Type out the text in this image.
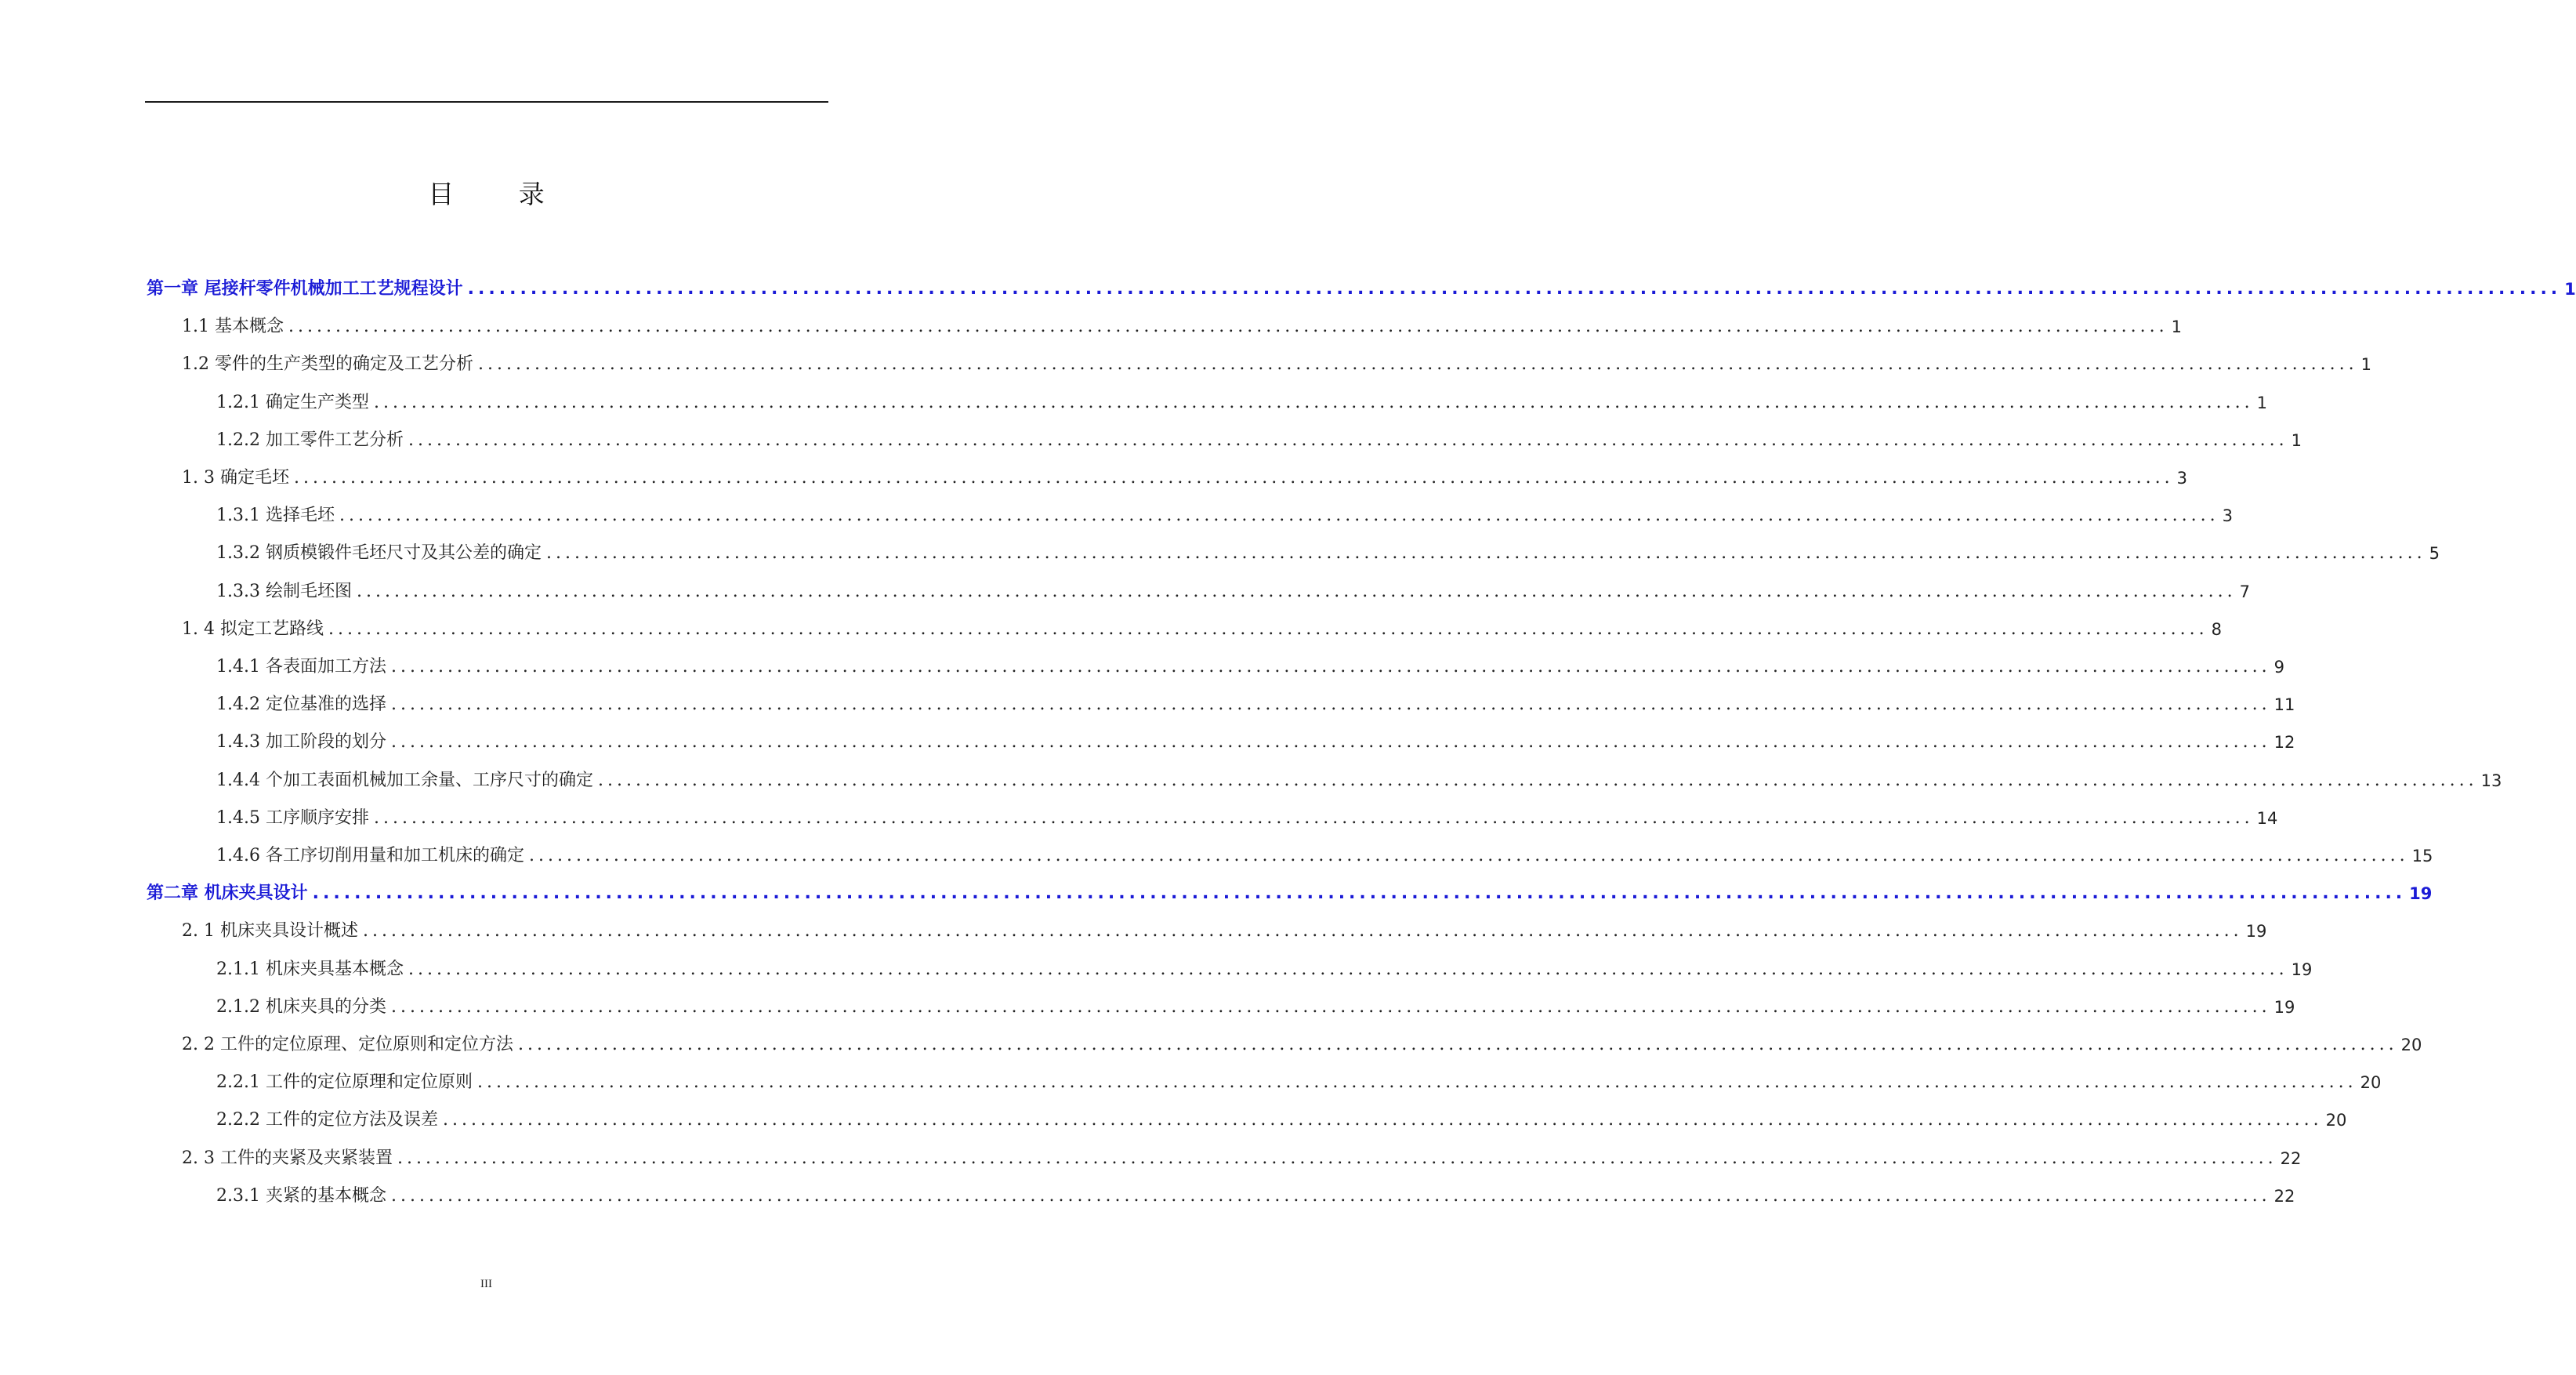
目 录
第一章 尾接杆零件机械加工工艺规程设计 ........................................................................................................................................................................................................ 1
1.1 基本概念 ........................................................................................................................................................................................................ 1
1.2 零件的生产类型的确定及工艺分析 ........................................................................................................................................................................................................ 1
1.2.1 确定生产类型 ........................................................................................................................................................................................................ 1
1.2.2 加工零件工艺分析 ........................................................................................................................................................................................................ 1
1. 3 确定毛坯 ........................................................................................................................................................................................................ 3
1.3.1 选择毛坯 ........................................................................................................................................................................................................ 3
1.3.2 钢质模锻件毛坯尺寸及其公差的确定 ........................................................................................................................................................................................................ 5
1.3.3 绘制毛坯图 ........................................................................................................................................................................................................ 7
1. 4 拟定工艺路线 ........................................................................................................................................................................................................ 8
1.4.1 各表面加工方法 ........................................................................................................................................................................................................ 9
1.4.2 定位基准的选择 ........................................................................................................................................................................................................ 11
1.4.3 加工阶段的划分 ........................................................................................................................................................................................................ 12
1.4.4 个加工表面机械加工余量、工序尺寸的确定 ........................................................................................................................................................................................................ 13
1.4.5 工序顺序安排 ........................................................................................................................................................................................................ 14
1.4.6 各工序切削用量和加工机床的确定 ........................................................................................................................................................................................................ 15
第二章 机床夹具设计 ........................................................................................................................................................................................................ 19
2. 1 机床夹具设计概述 ........................................................................................................................................................................................................ 19
2.1.1 机床夹具基本概念 ........................................................................................................................................................................................................ 19
2.1.2 机床夹具的分类 ........................................................................................................................................................................................................ 19
2. 2 工件的定位原理、定位原则和定位方法 ........................................................................................................................................................................................................ 20
2.2.1 工件的定位原理和定位原则 ........................................................................................................................................................................................................ 20
2.2.2 工件的定位方法及误差 ........................................................................................................................................................................................................ 20
2. 3 工件的夹紧及夹紧装置 ........................................................................................................................................................................................................ 22
2.3.1 夹紧的基本概念 ........................................................................................................................................................................................................ 22
III
